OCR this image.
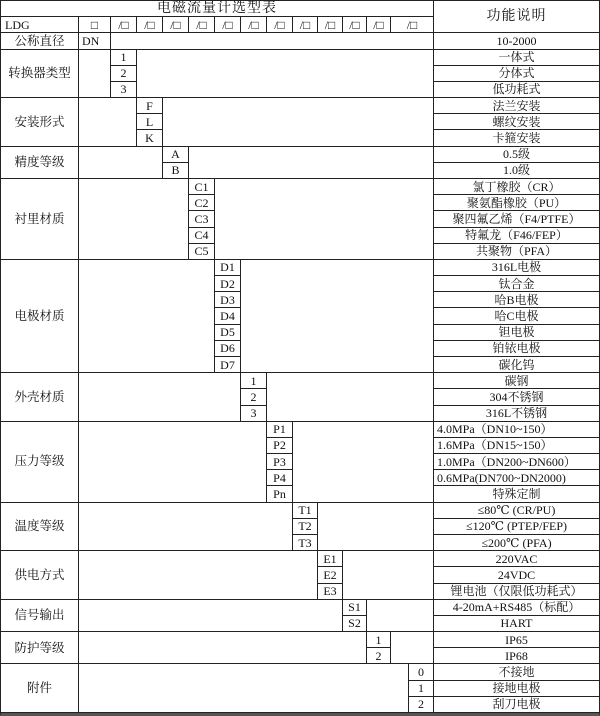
电磁流量计选型表
功能说明
LDG	□
公称直径	DN	10-2000
/□	/□	/□	/□	/□	/□	/□	/□	/□	/□	/□	/□
转换器类型
1	一体式
2	分体式
3	低功耗式
安装形式
F	法兰安装
L	螺纹安装
K	卡箍安装
精度等级
A	0.5级
B	1.0级
衬里材质
C1	氯丁橡胶（CR）
C2	聚氨酯橡胶（PU）
C3	聚四氟乙烯（F4/PTFE）
C4	特氟龙（F46/FEP）
C5	共聚物（PFA）
电极材质
D1	316L电极
D2	钛合金
D3	哈B电极
D4	哈C电极
D5	钽电极
D6	铂铱电极
D7	碳化钨
外壳材质
1	碳钢
2	304不锈钢
3	316L不锈钢
压力等级
P1	4.0MPa（DN10~150）
P2	1.6MPa（DN15~150）
P3	1.0MPa（DN200~DN600）
P4	0.6MPa(DN700~DN2000)
Pn	特殊定制
温度等级
T1	≤80℃ (CR/PU)
T2	≤120℃ (PTEP/FEP)
T3	≤200℃ (PFA)
供电方式
E1	220VAC
E2	24VDC
E3	锂电池（仅限低功耗式）
信号输出
S1	4-20mA+RS485（标配）
S2	HART
防护等级
1	IP65
2	IP68
附件
0	不接地
1	接地电极
2	刮刀电极
